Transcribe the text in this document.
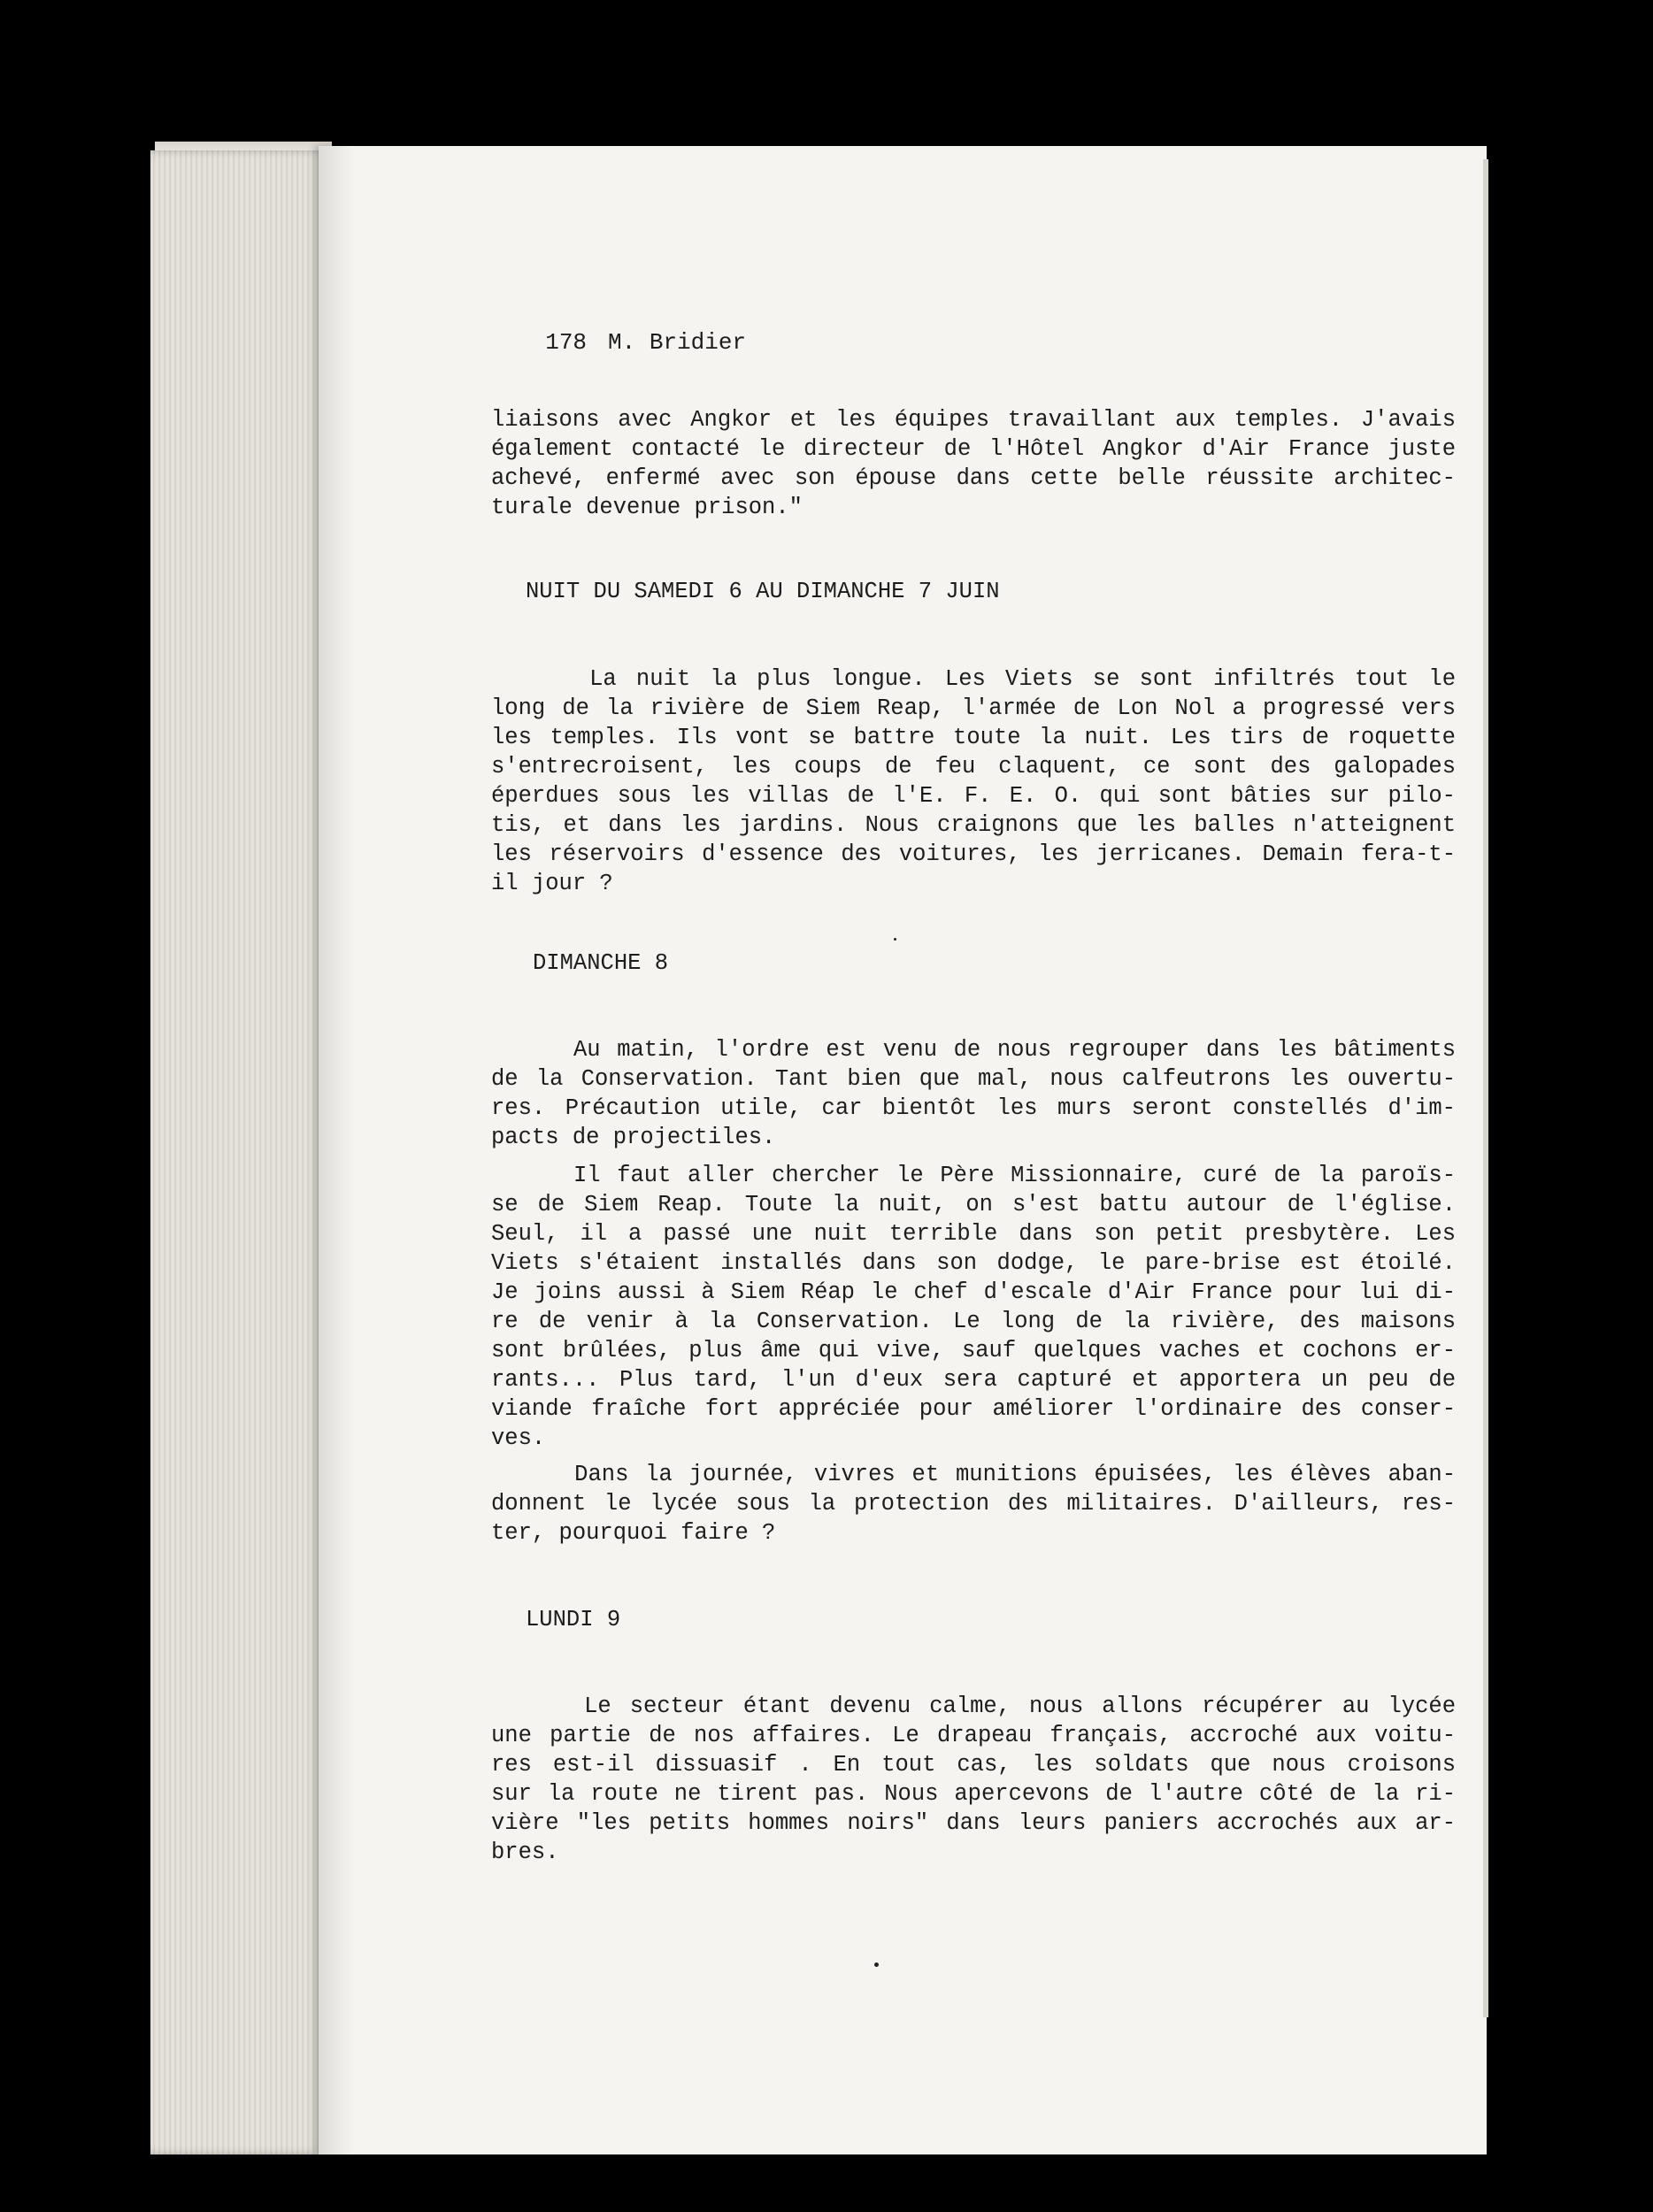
178 M. Bridier

liaisons avec Angkor et les équipes travaillant aux temples. J'avais
également contacté le directeur de l'Hôtel Angkor d'Air France juste
achevé, enfermé avec son épouse dans cette belle réussite architec-
turale devenue prison."
NUIT DU SAMEDI 6 AU DIMANCHE 7 JUIN
La nuit la plus longue. Les Viets se sont infiltrés tout le
long de la rivière de Siem Reap, l'armée de Lon Nol a progressé vers
les temples. Ils vont se battre toute la nuit. Les tirs de roquette
s'entrecroisent, les coups de feu claquent, ce sont des galopades
éperdues sous les villas de l'E. F. E. O. qui sont bâties sur pilo-
tis, et dans les jardins. Nous craignons que les balles n'atteignent
les réservoirs d'essence des voitures, les jerricanes. Demain fera-t-
il jour ?
DIMANCHE 8
Au matin, l'ordre est venu de nous regrouper dans les bâtiments
de la Conservation. Tant bien que mal, nous calfeutrons les ouvertu-
res. Précaution utile, car bientôt les murs seront constellés d'im-
pacts de projectiles.
Il faut aller chercher le Père Missionnaire, curé de la paroïs-
se de Siem Reap. Toute la nuit, on s'est battu autour de l'église.
Seul, il a passé une nuit terrible dans son petit presbytère. Les
Viets s'étaient installés dans son dodge, le pare-brise est étoilé.
Je joins aussi à Siem Réap le chef d'escale d'Air France pour lui di-
re de venir à la Conservation. Le long de la rivière, des maisons
sont brûlées, plus âme qui vive, sauf quelques vaches et cochons er-
rants... Plus tard, l'un d'eux sera capturé et apportera un peu de
viande fraîche fort appréciée pour améliorer l'ordinaire des conser-
ves.
Dans la journée, vivres et munitions épuisées, les élèves aban-
donnent le lycée sous la protection des militaires. D'ailleurs, res-
ter, pourquoi faire ?
LUNDI 9
Le secteur étant devenu calme, nous allons récupérer au lycée
une partie de nos affaires. Le drapeau français, accroché aux voitu-
res est-il dissuasif . En tout cas, les soldats que nous croisons
sur la route ne tirent pas. Nous apercevons de l'autre côté de la ri-
vière "les petits hommes noirs" dans leurs paniers accrochés aux ar-
bres.
